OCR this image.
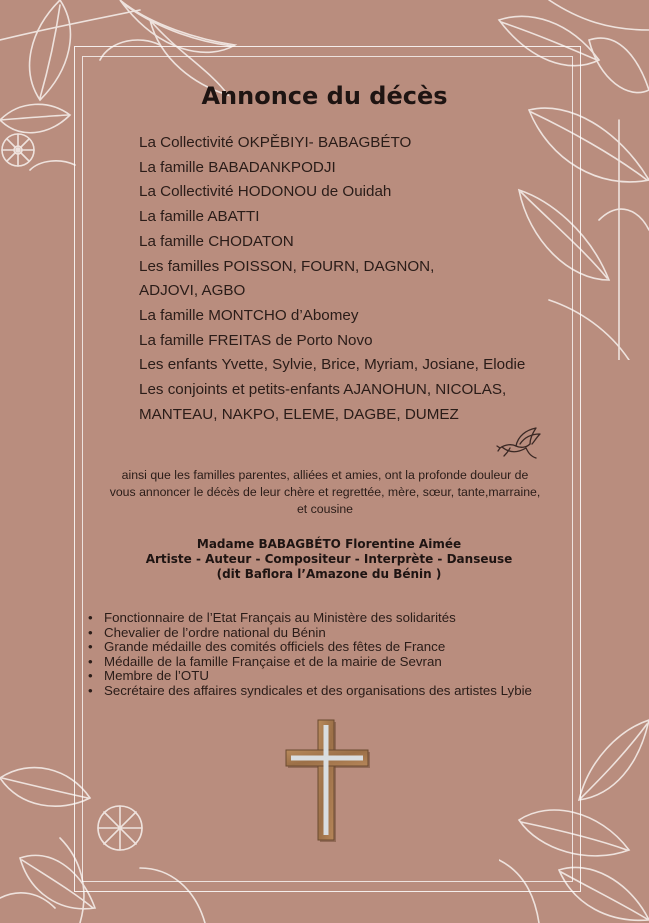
Annonce du décès
La Collectivité OKPĚBIYI- BABAGBÉTO
La famille BABADANKPODJI
La Collectivité HODONOU de Ouidah
La famille ABATTI
La famille CHODATON
Les familles POISSON, FOURN, DAGNON,
ADJOVI, AGBO
La famille MONTCHO d’Abomey
La famille FREITAS de Porto Novo
Les enfants Yvette, Sylvie, Brice, Myriam, Josiane, Elodie
Les conjoints et petits-enfants AJANOHUN, NICOLAS,
MANTEAU, NAKPO, ELEME, DAGBE, DUMEZ
ainsi que les familles parentes, alliées et amies, ont la profonde douleur de
vous annoncer le décès de leur chère et regrettée, mère, sœur, tante,marraine,
et cousine
Madame BABAGBÉTO Florentine Aimée
Artiste - Auteur - Compositeur - Interprète - Danseuse
(dit Baflora l’Amazone du Bénin )
• Fonctionnaire de l’Etat Français au Ministère des solidarités
• Chevalier de l’ordre national du Bénin
• Grande médaille des comités officiels des fêtes de France
• Médaille de la famille Française et de la mairie de Sevran
• Membre de l’OTU
• Secrétaire des affaires syndicales et des organisations des artistes Lybie
